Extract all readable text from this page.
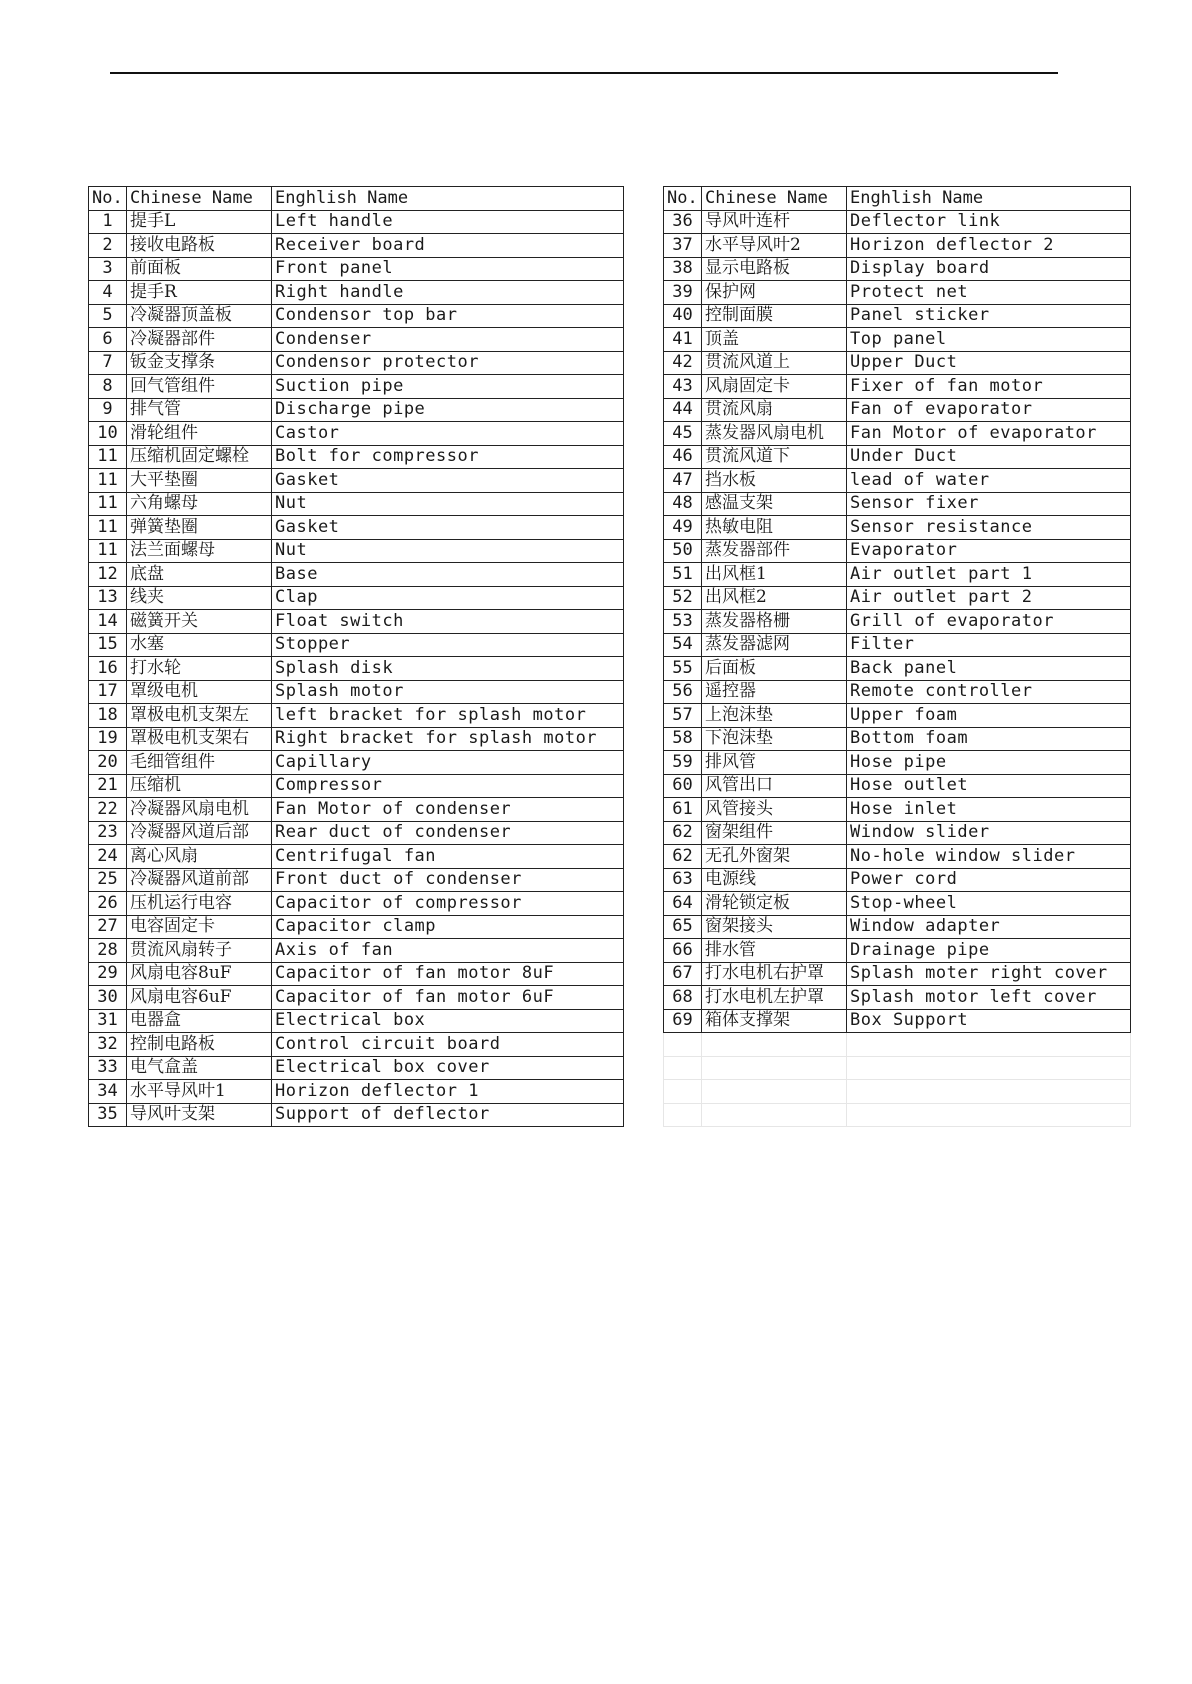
No.	Chinese Name	Enghlish Name
1	提手L	Left handle
2	接收电路板	Receiver board
3	前面板	Front panel
4	提手R	Right handle
5	冷凝器顶盖板	Condensor top bar
6	冷凝器部件	Condenser
7	钣金支撑条	Condensor protector
8	回气管组件	Suction pipe
9	排气管	Discharge pipe
10	滑轮组件	Castor
11	压缩机固定螺栓	Bolt for compressor
11	大平垫圈	Gasket
11	六角螺母	Nut
11	弹簧垫圈	Gasket
11	法兰面螺母	Nut
12	底盘	Base
13	线夹	Clap
14	磁簧开关	Float switch
15	水塞	Stopper
16	打水轮	Splash disk
17	罩级电机	Splash motor
18	罩极电机支架左	left bracket for splash motor
19	罩极电机支架右	Right bracket for splash motor
20	毛细管组件	Capillary
21	压缩机	Compressor
22	冷凝器风扇电机	Fan Motor of condenser
23	冷凝器风道后部	Rear duct of condenser
24	离心风扇	Centrifugal fan
25	冷凝器风道前部	Front duct of condenser
26	压机运行电容	Capacitor of compressor
27	电容固定卡	Capacitor clamp
28	贯流风扇转子	Axis of fan
29	风扇电容8uF	Capacitor of fan motor 8uF
30	风扇电容6uF	Capacitor of fan motor 6uF
31	电器盒	Electrical box
32	控制电路板	Control circuit board
33	电气盒盖	Electrical box cover
34	水平导风叶1	Horizon deflector 1
35	导风叶支架	Support of deflector
No.	Chinese Name	Enghlish Name
36	导风叶连杆	Deflector link
37	水平导风叶2	Horizon deflector 2
38	显示电路板	Display board
39	保护网	Protect net
40	控制面膜	Panel sticker
41	顶盖	Top panel
42	贯流风道上	Upper Duct
43	风扇固定卡	Fixer of fan motor
44	贯流风扇	Fan of evaporator
45	蒸发器风扇电机	Fan Motor of evaporator
46	贯流风道下	Under Duct
47	挡水板	lead of water
48	感温支架	Sensor fixer
49	热敏电阻	Sensor resistance
50	蒸发器部件	Evaporator
51	出风框1	Air outlet part 1
52	出风框2	Air outlet part 2
53	蒸发器格栅	Grill of evaporator
54	蒸发器滤网	Filter
55	后面板	Back panel
56	遥控器	Remote controller
57	上泡沫垫	Upper foam
58	下泡沫垫	Bottom foam
59	排风管	Hose pipe
60	风管出口	Hose outlet
61	风管接头	Hose inlet
62	窗架组件	Window slider
62	无孔外窗架	No-hole window slider
63	电源线	Power cord
64	滑轮锁定板	Stop-wheel
65	窗架接头	Window adapter
66	排水管	Drainage pipe
67	打水电机右护罩	Splash moter right cover
68	打水电机左护罩	Splash motor left cover
69	箱体支撑架	Box Support
